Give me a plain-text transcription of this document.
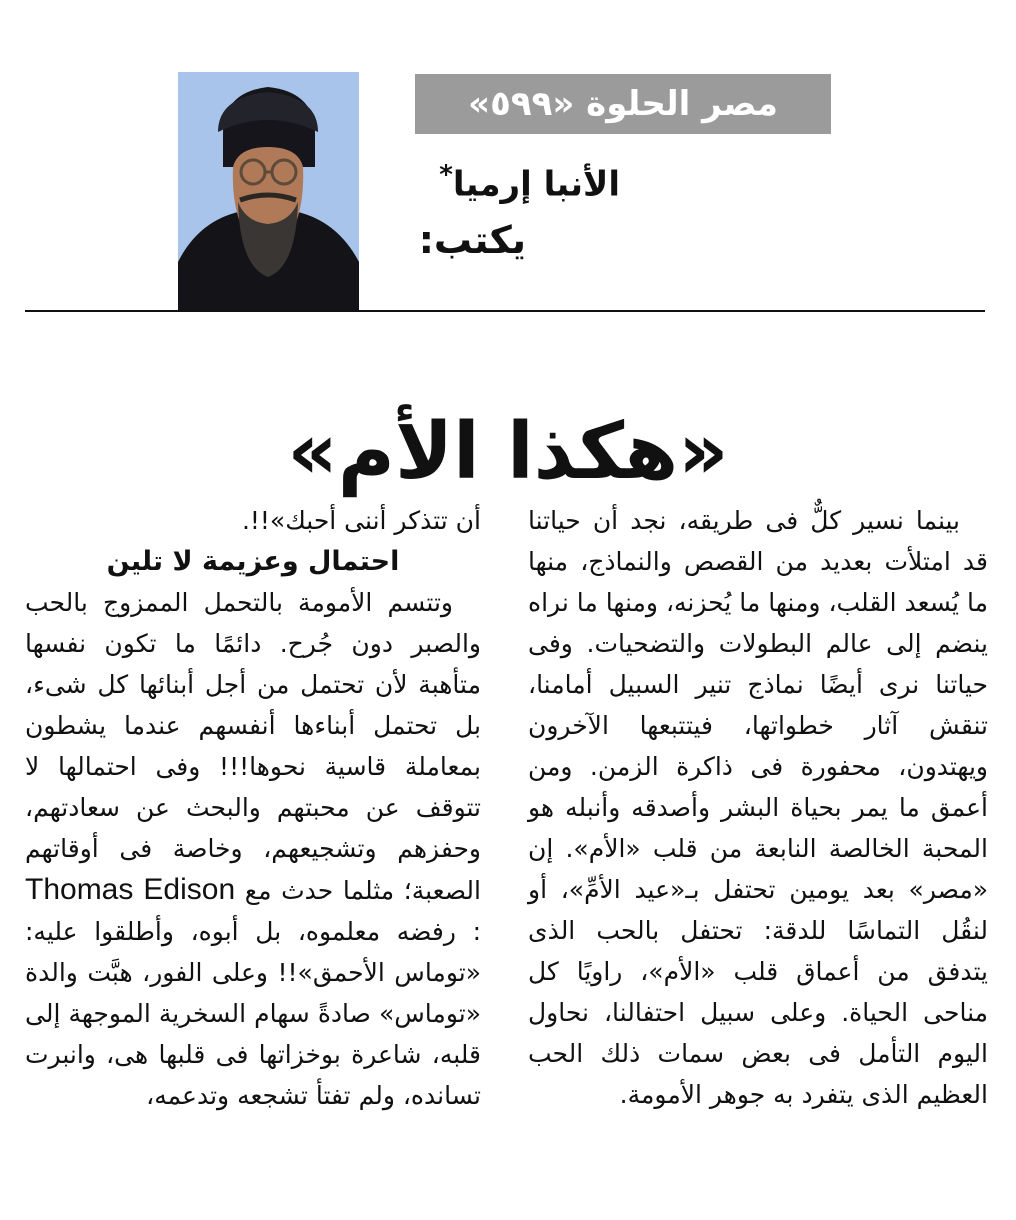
مصر الحلوة «٥٩٩»
الأنبا إرميا*
يكتب:
«هكذا الأم»

بينما نسير كلٌّ فى طريقه، نجد أن حياتنا قد امتلأت بعديد من القصص والنماذج، منها ما يُسعد القلب، ومنها ما يُحزنه، ومنها ما نراه ينضم إلى عالم البطولات والتضحيات. وفى حياتنا نرى أيضًا نماذج تنير السبيل أمامنا، تنقش آثار خطواتها، فيتتبعها الآخرون ويهتدون، محفورة فى ذاكرة الزمن. ومن أعمق ما يمر بحياة البشر وأصدقه وأنبله هو المحبة الخالصة النابعة من قلب «الأم». إن «مصر» بعد يومين تحتفل بـ«عيد الأمِّ»، أو لنقُل التماسًا للدقة: تحتفل بالحب الذى يتدفق من أعماق قلب «الأم»، راويًا كل مناحى الحياة. وعلى سبيل احتفالنا، نحاول اليوم التأمل فى بعض سمات ذلك الحب العظيم الذى يتفرد به جوهر الأمومة.

أن تتذكر أننى أحبك»!!.

احتمال وعزيمة لا تلين

وتتسم الأمومة بالتحمل الممزوج بالحب والصبر دون جُرح. دائمًا ما تكون نفسها متأهبة لأن تحتمل من أجل أبنائها كل شىء، بل تحتمل أبناءها أنفسهم عندما يشطون بمعاملة قاسية نحوها!!! وفى احتمالها لا تتوقف عن محبتهم والبحث عن سعادتهم، وحفزهم وتشجيعهم، وخاصة فى أوقاتهم الصعبة؛ مثلما حدث مع Thomas Edison : رفضه معلموه، بل أبوه، وأطلقوا عليه: «توماس الأحمق»!! وعلى الفور، هبَّت والدة «توماس» صادةً سهام السخرية الموجهة إلى قلبه، شاعرة بوخزاتها فى قلبها هى، وانبرت تسانده، ولم تفتأ تشجعه وتدعمه،
